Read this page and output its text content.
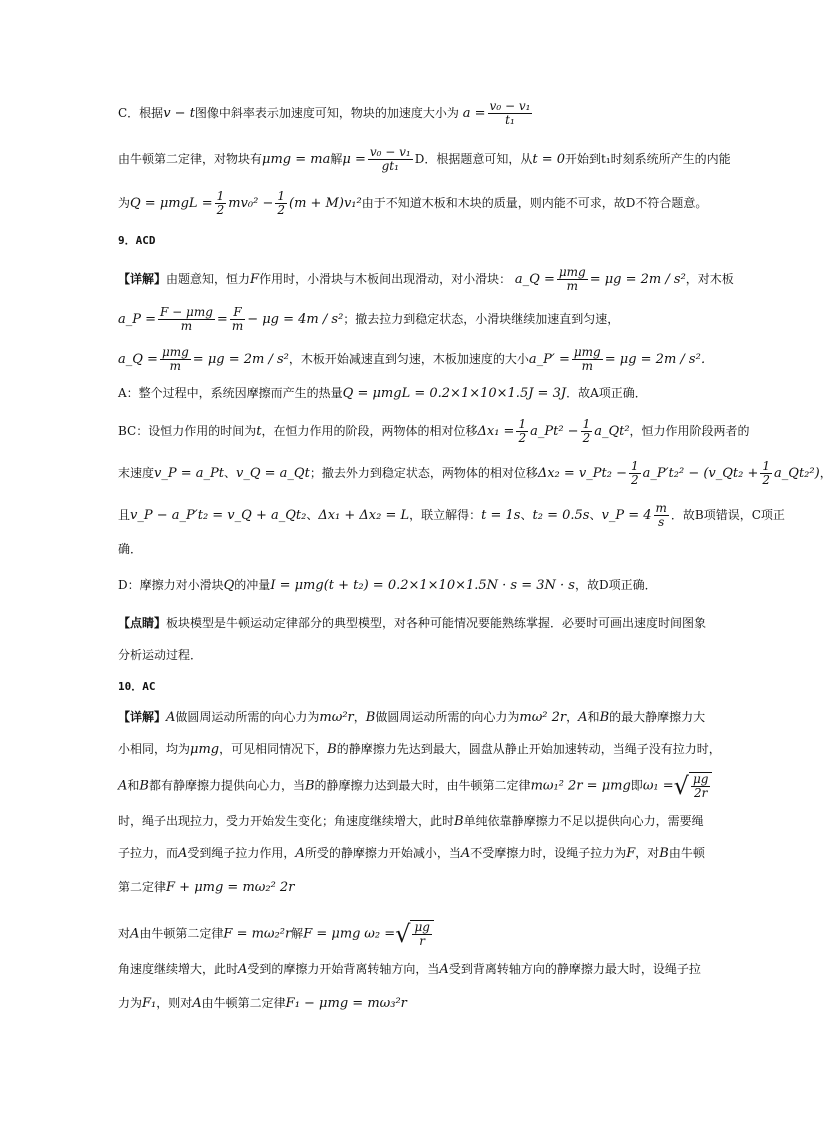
C．根据v − t图像中斜率表示加速度可知，物块的加速度大小为 $a = \frac{\text{v₀ − v₁}}{\text{t₁}}$
由牛顿第二定律，对物块有μmg = ma解$\mu = \frac{\text{v₀ − v₁}}{\text{gt₁}}$ D．根据题意可知，从t = 0开始到t₁时刻系统所产生的内能
为$Q = \mu mgL = \frac{1}{2} mv_0^2 - \frac{1}{2} (m + M)v_1^2$由于不知道木板和木块的质量，则内能不可求，故D不符合题意。
9．ACD
【详解】由题意知，恒力F作用时，小滑块与木板间出现滑动，对小滑块： a_Q = $\frac{\text{μmg}}{m} = \mu g = 2m / s^2$，对木板
a_P = $\frac{\text{F − μmg}}{m} = \frac{F}{m} - \mu g = 4m / s^2$；撤去拉力到稳定状态，小滑块继续加速直到匀速，
a_Q = $\frac{\text{μmg}}{m} = \mu g = 2m / s^2$，木板开始减速直到匀速，木板加速度的大小a_P′ = $\frac{\text{μmg}}{m} = \mu g = 2m / s^2$．
A：整个过程中，系统因摩擦而产生的热量Q = μmgL = 0.2×1×10×1.5J = 3J．故A项正确．
BC：设恒力作用的时间为t，在恒力作用的阶段，两物体的相对位移$\Delta x_1 = \frac{1}{2}$ a_Pt² − $\frac{1}{2}$ a_Qt²，恒力作用阶段两者的
末速度v_P = a_Pt、v_Q = a_Qt；撤去外力到稳定状态，两物体的相对位移Δx₂ = v_Pt₂ − $\frac{1}{2}$ a_P′t₂² − (v_Qt₂ + $\frac{1}{2}$ a_Qt₂²)，
且v_P − a_P′t₂ = v_Q + a_Qt₂、Δx₁ + Δx₂ = L，联立解得：t = 1s、t₂ = 0.5s、v_P = $4 \frac{m}{s}$ ．故B项错误，C项正
确．
D：摩擦力对小滑块Q的冲量I = μmg(t + t₂) = 0.2×1×10×1.5N · s = 3N · s，故D项正确．
【点睛】板块模型是牛顿运动定律部分的典型模型，对各种可能情况要能熟练掌握．必要时可画出速度时间图象
分析运动过程．
10．AC
【详解】A做圆周运动所需的向心力为mω²r，B做圆周运动所需的向心力为mω² 2r，A和B的最大静摩擦力大
小相同，均为μmg，可见相同情况下，B的静摩擦力先达到最大，圆盘从静止开始加速转动，当绳子没有拉力时，
A和B都有静摩擦力提供向心力，当B的静摩擦力达到最大时，由牛顿第二定律mω₁² 2r = μmg即ω₁ =√ $\frac{\mu g}{2r}$
时，绳子出现拉力，受力开始发生变化；角速度继续增大，此时B单纯依靠静摩擦力不足以提供向心力，需要绳
子拉力，而A受到绳子拉力作用，A所受的静摩擦力开始减小，当A不受摩擦力时，设绳子拉力为F，对B由牛顿
第二定律F + μmg = mω₂² 2r
对A由牛顿第二定律F = mω₂²r解F = μmg ω₂ =√ $\frac{\mu g}{r}$
角速度继续增大，此时A受到的摩擦力开始背离转轴方向，当A受到背离转轴方向的静摩擦力最大时，设绳子拉
力为F₁，则对A由牛顿第二定律F₁ − μmg = mω₃²r
